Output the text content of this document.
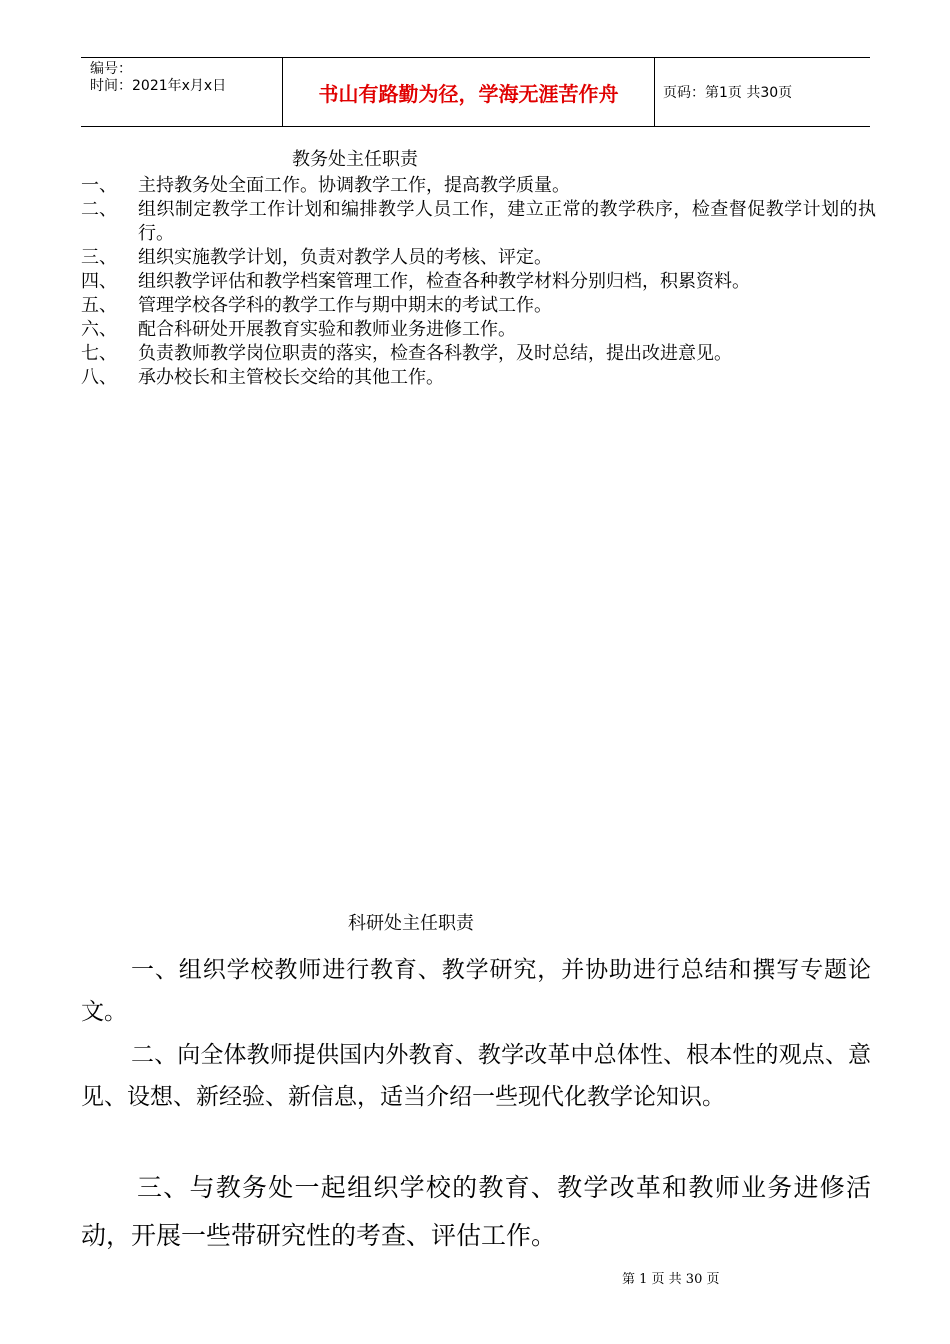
编号：
时间：2021年x月x日	书山有路勤为径，学海无涯苦作舟	页码：第1页 共30页
教务处主任职责
一、	主持教务处全面工作。协调教学工作，提高教学质量。
二、	组织制定教学工作计划和编排教学人员工作，建立正常的教学秩序，检查督促教学计划的执行。
三、	组织实施教学计划，负责对教学人员的考核、评定。
四、	组织教学评估和教学档案管理工作，检查各种教学材料分别归档，积累资料。
五、	管理学校各学科的教学工作与期中期末的考试工作。
六、	配合科研处开展教育实验和教师业务进修工作。
七、	负责教师教学岗位职责的落实，检查各科教学，及时总结，提出改进意见。
八、	承办校长和主管校长交给的其他工作。
科研处主任职责
一、组织学校教师进行教育、教学研究，并协助进行总结和撰写专题论文。
二、向全体教师提供国内外教育、教学改革中总体性、根本性的观点、意见、设想、新经验、新信息，适当介绍一些现代化教学论知识。
三、与教务处一起组织学校的教育、教学改革和教师业务进修活动，开展一些带研究性的考查、评估工作。
第 1 页 共 30 页
